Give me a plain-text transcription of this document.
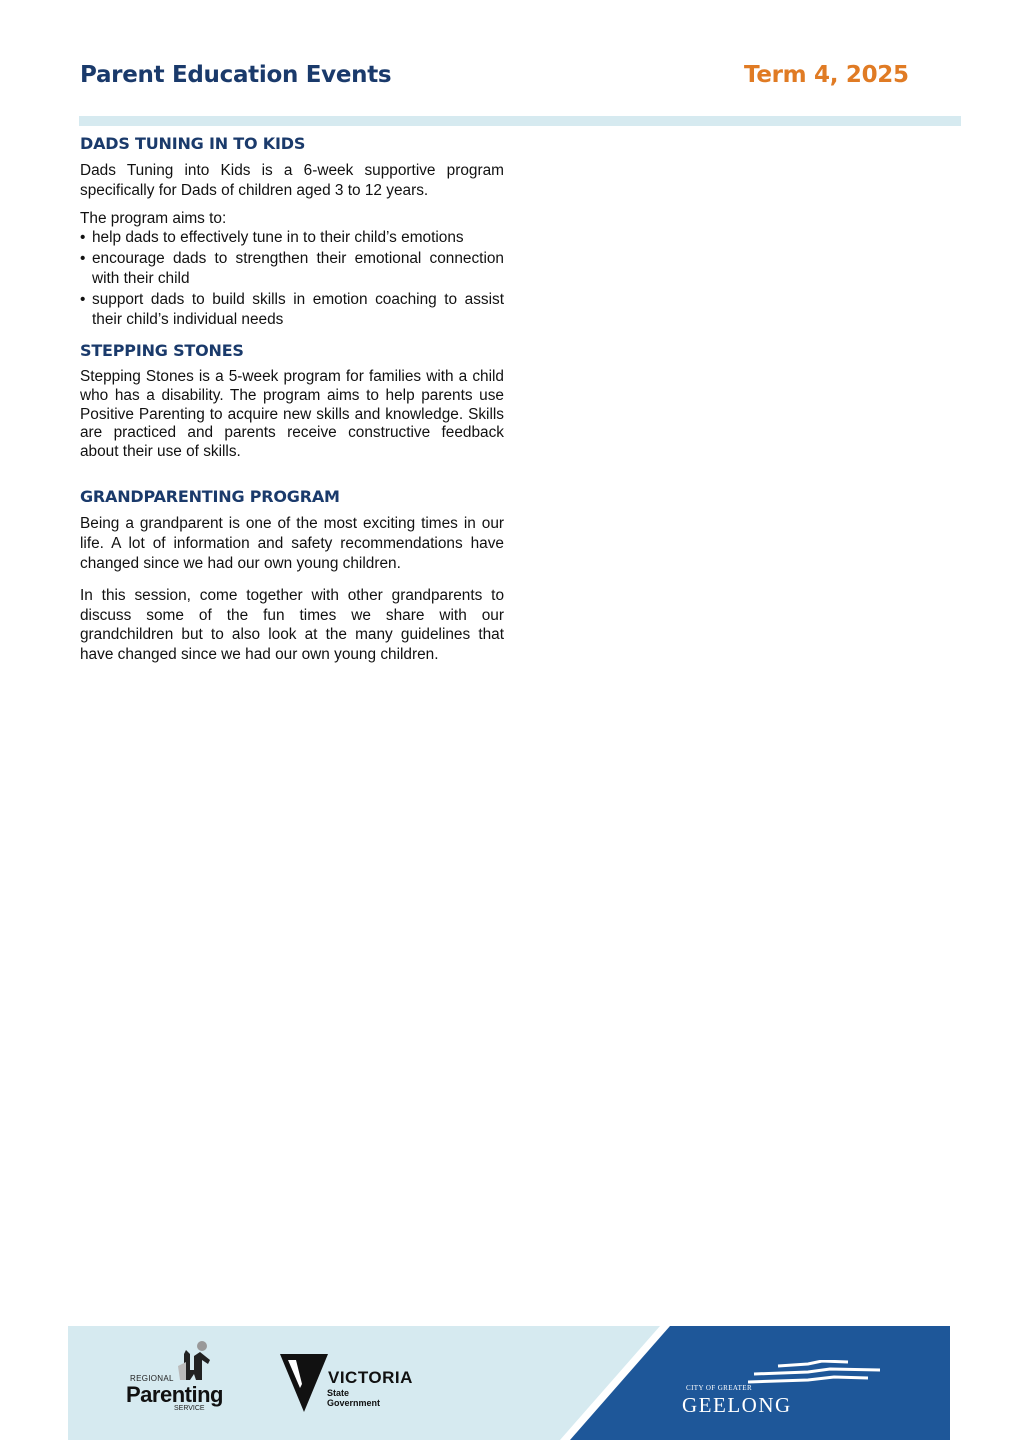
Parent Education Events	Term 4, 2025
DADS TUNING IN TO KIDS

Dads Tuning into Kids is a 6-week supportive program specifically for Dads of children aged 3 to 12 years.

The program aims to:

• help dads to effectively tune in to their child’s emotions
• encourage dads to strengthen their emotional connection with their child
• support dads to build skills in emotion coaching to assist their child’s individual needs
STEPPING STONES

Stepping Stones is a 5-week program for families with a child who has a disability. The program aims to help parents use Positive Parenting to acquire new skills and knowledge. Skills are practiced and parents receive constructive feedback about their use of skills.

GRANDPARENTING PROGRAM

Being a grandparent is one of the most exciting times in our life. A lot of information and safety recommendations have changed since we had our own young children.

In this session, come together with other grandparents to discuss some of the fun times we share with our grandchildren but to also look at the many guidelines that have changed since we had our own young children.

REGIONAL
Parenting
SERVICE
VICTORIA
State
Government
CITY OF GREATER
GEELONG
